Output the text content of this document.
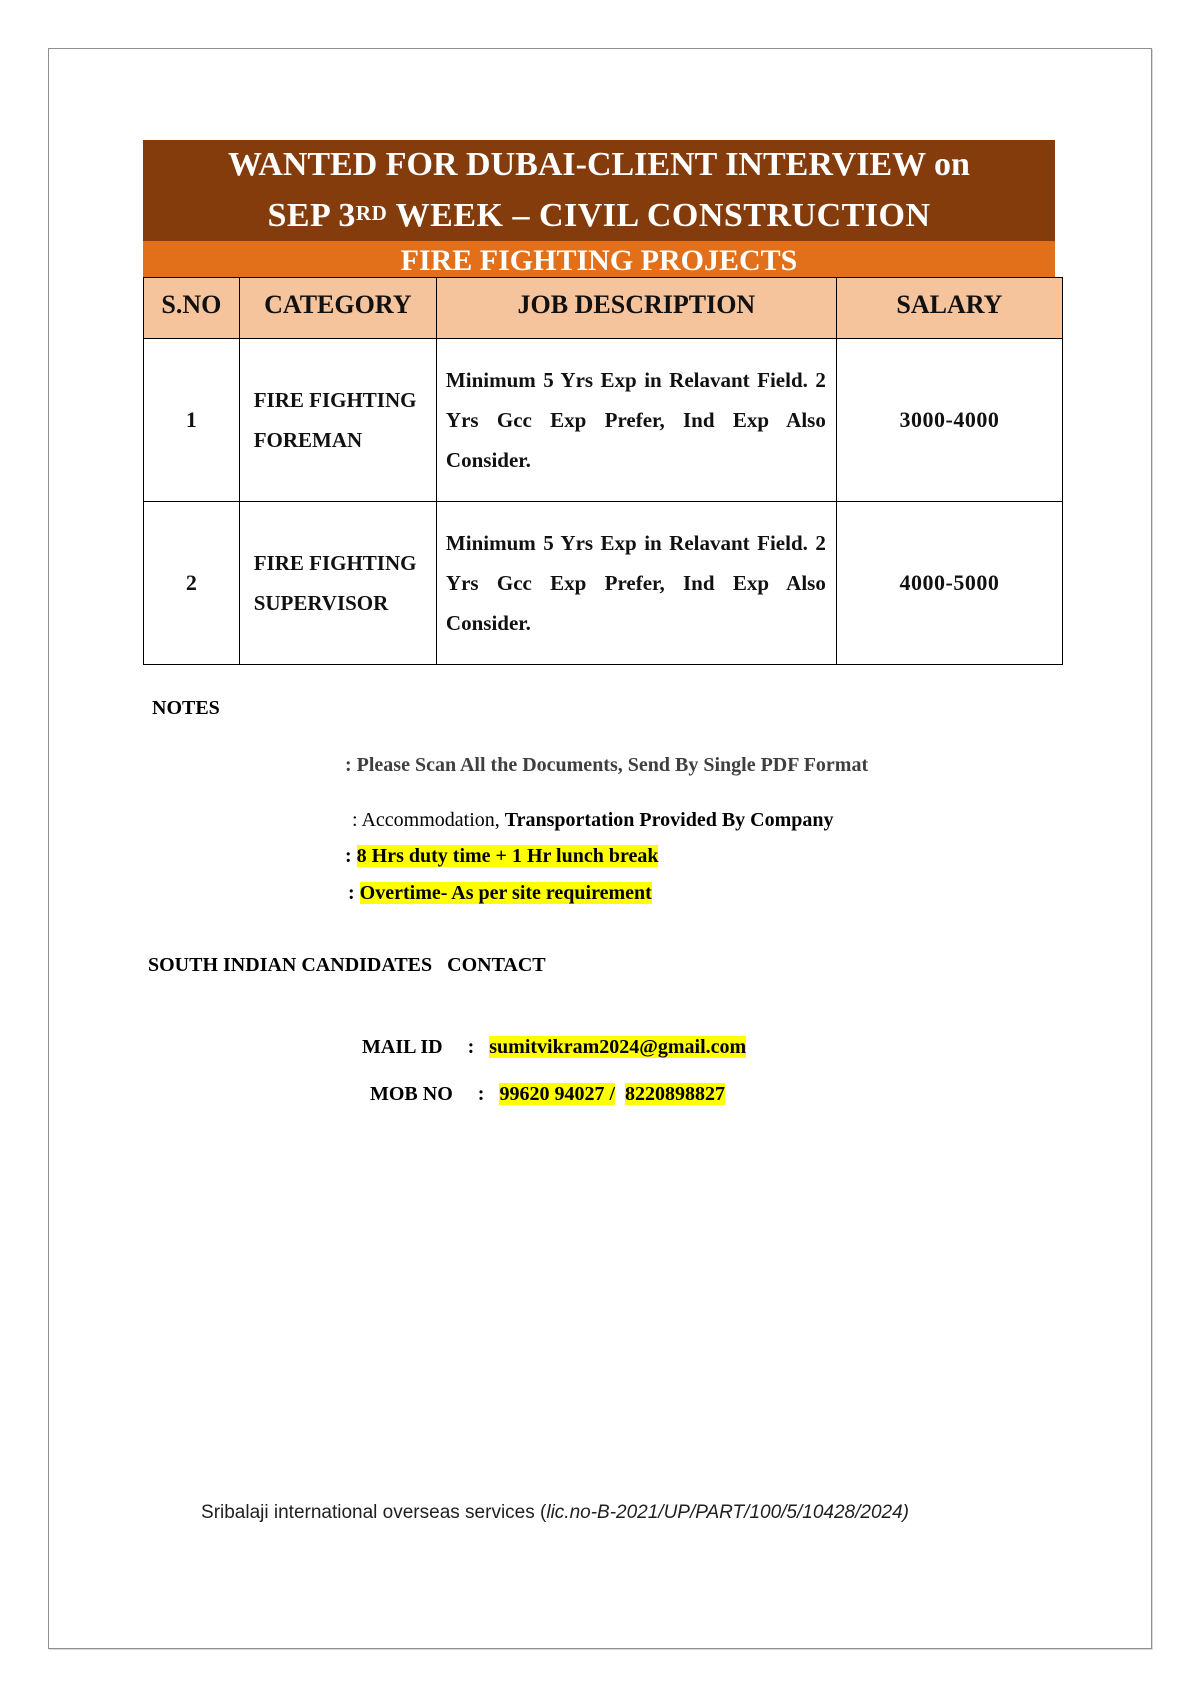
WANTED FOR DUBAI-CLIENT INTERVIEW on
SEP 3RD WEEK – CIVIL CONSTRUCTION
FIRE FIGHTING PROJECTS
S.NO	CATEGORY	JOB DESCRIPTION	SALARY
1	FIRE FIGHTING FOREMAN	Minimum 5 Yrs Exp in Relavant Field. 2 Yrs Gcc Exp Prefer, Ind Exp Also Consider.	3000-4000
2	FIRE FIGHTING SUPERVISOR	Minimum 5 Yrs Exp in Relavant Field. 2 Yrs Gcc Exp Prefer, Ind Exp Also Consider.	4000-5000
NOTES
: Please Scan All the Documents, Send By Single PDF Format
: Accommodation, Transportation Provided By Company
: 8 Hrs duty time + 1 Hr lunch break
: Overtime- As per site requirement
SOUTH INDIAN CANDIDATES   CONTACT
MAIL ID     :   sumitvikram2024@gmail.com
MOB NO     :   99620 94027 / 8220898827
Sribalaji international overseas services (lic.no-B-2021/UP/PART/100/5/10428/2024)
